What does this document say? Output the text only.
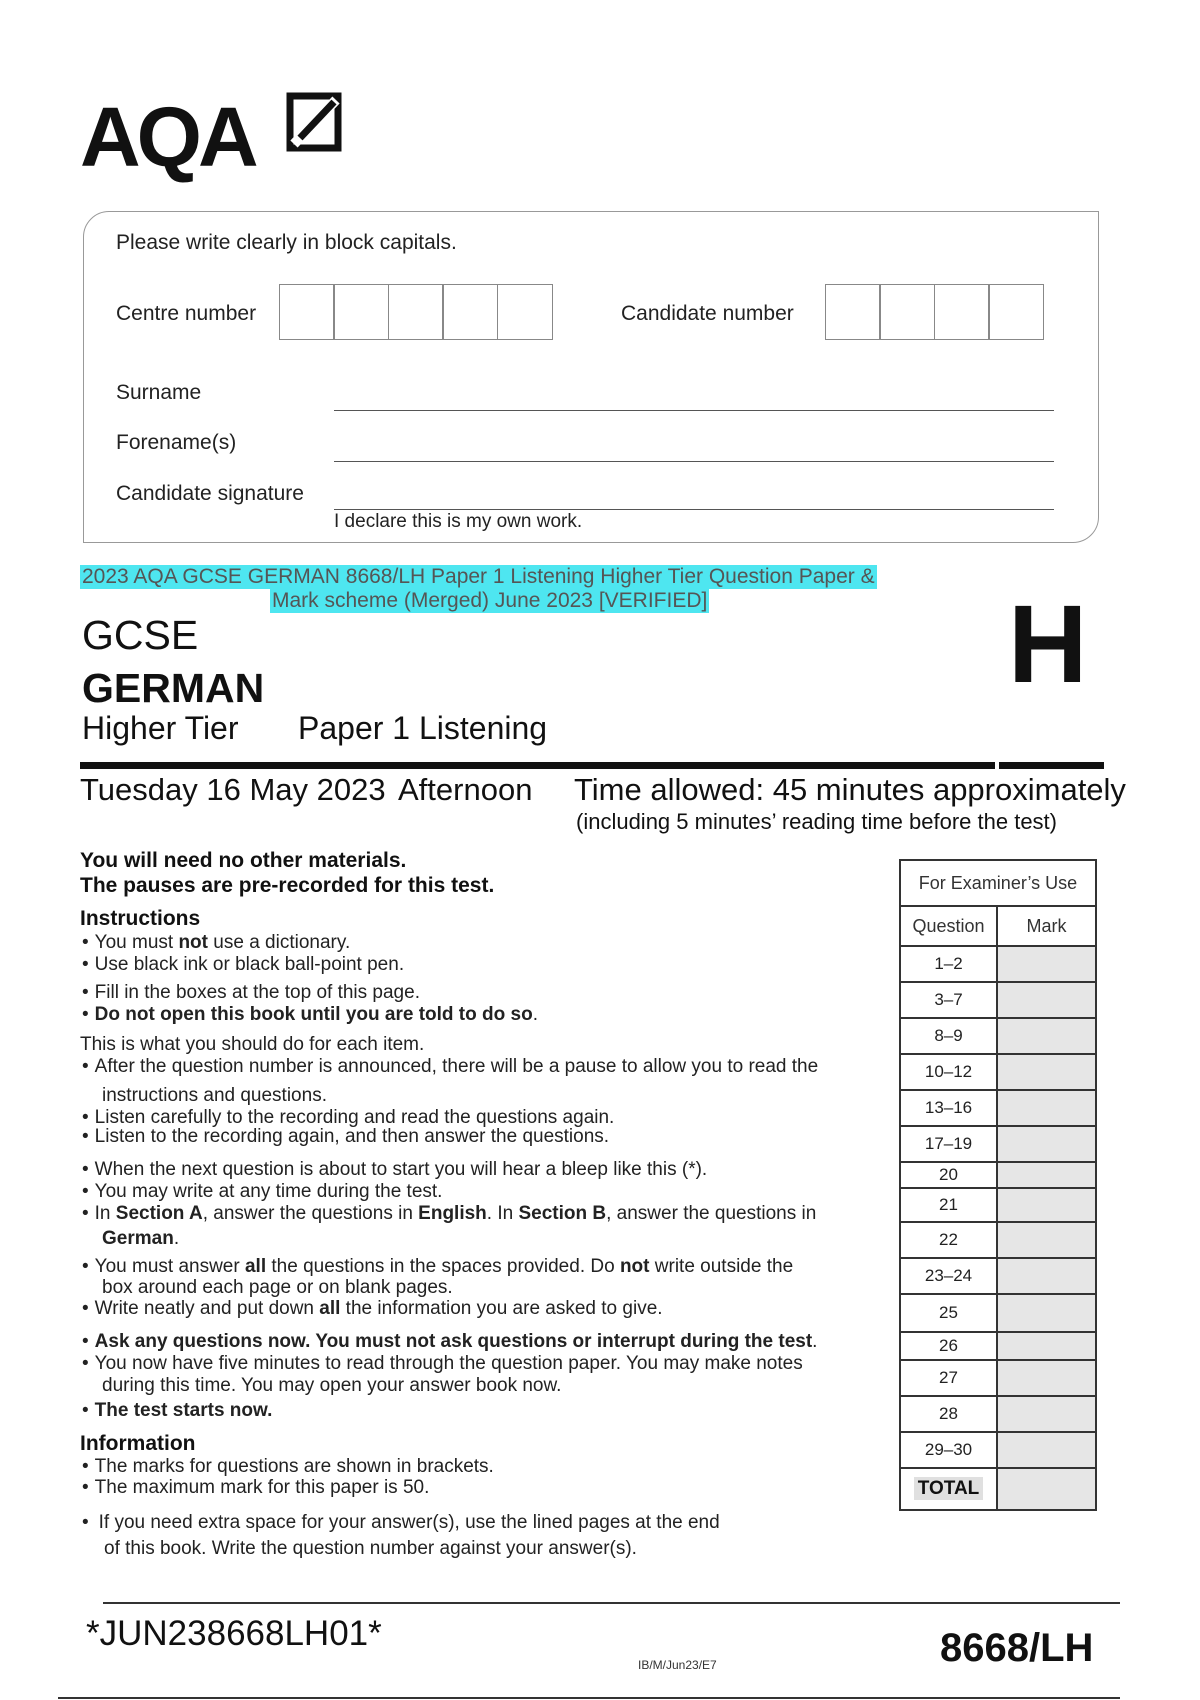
AQA
Please write clearly in block capitals.
Centre number	Candidate number
Surname
Forename(s)
Candidate signature
I declare this is my own work.
2023 AQA GCSE GERMAN 8668/LH Paper 1 Listening Higher Tier Question Paper &
Mark scheme (Merged) June 2023 [VERIFIED]
GCSE
GERMAN
Higher Tier Paper 1 Listening
H
Tuesday 16 May 2023 Afternoon Time allowed: 45 minutes approximately
(including 5 minutes’ reading time before the test)
You will need no other materials.
The pauses are pre-recorded for this test.
Instructions
• You must not use a dictionary.
• Use black ink or black ball-point pen.
• Fill in the boxes at the top of this page.
• Do not open this book until you are told to do so.
This is what you should do for each item.
• After the question number is announced, there will be a pause to allow you to read the
instructions and questions.
• Listen carefully to the recording and read the questions again.
• Listen to the recording again, and then answer the questions.
• When the next question is about to start you will hear a bleep like this (*).
• You may write at any time during the test.
• In Section A, answer the questions in English. In Section B, answer the questions in
German.
• You must answer all the questions in the spaces provided. Do not write outside the
box around each page or on blank pages.
• Write neatly and put down all the information you are asked to give.
• Ask any questions now. You must not ask questions or interrupt during the test.
• You now have five minutes to read through the question paper. You may make notes
during this time. You may open your answer book now.
• The test starts now.
Information
• The marks for questions are shown in brackets.
• The maximum mark for this paper is 50.
• If you need extra space for your answer(s), use the lined pages at the end
of this book. Write the question number against your answer(s).
For Examiner’s Use
Question	Mark
1–2
3–7
8–9
10–12
13–16
17–19
20
21
22
23–24
25
26
27
28
29–30
TOTAL
*JUN238668LH01*
IB/M/Jun23/E7	8668/LH
